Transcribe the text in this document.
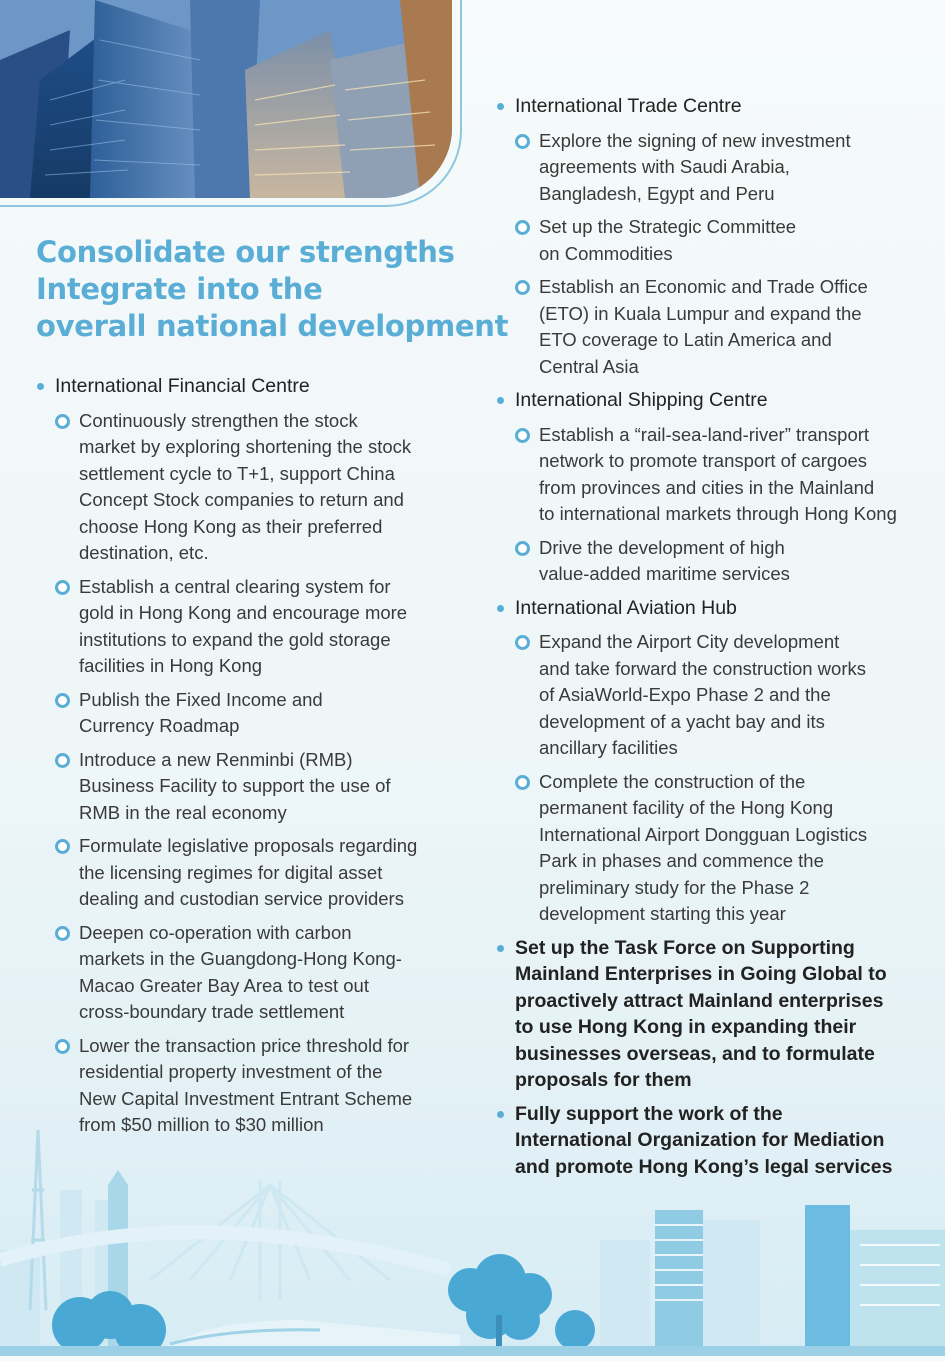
Consolidate our strengths
Integrate into the
overall national development
International Financial Centre
Continuously strengthen the stock
market by exploring shortening the stock
settlement cycle to T+1, support China
Concept Stock companies to return and
choose Hong Kong as their preferred
destination, etc.
Establish a central clearing system for
gold in Hong Kong and encourage more
institutions to expand the gold storage
facilities in Hong Kong
Publish the Fixed Income and
Currency Roadmap
Introduce a new Renminbi (RMB)
Business Facility to support the use of
RMB in the real economy
Formulate legislative proposals regarding
the licensing regimes for digital asset
dealing and custodian service providers
Deepen co-operation with carbon
markets in the Guangdong-Hong Kong-
Macao Greater Bay Area to test out
cross-boundary trade settlement
Lower the transaction price threshold for
residential property investment of the
New Capital Investment Entrant Scheme
from $50 million to $30 million
International Trade Centre
Explore the signing of new investment
agreements with Saudi Arabia,
Bangladesh, Egypt and Peru
Set up the Strategic Committee
on Commodities
Establish an Economic and Trade Office
(ETO) in Kuala Lumpur and expand the
ETO coverage to Latin America and
Central Asia
International Shipping Centre
Establish a “rail-sea-land-river” transport
network to promote transport of cargoes
from provinces and cities in the Mainland
to international markets through Hong Kong
Drive the development of high
value-added maritime services
International Aviation Hub
Expand the Airport City development
and take forward the construction works
of AsiaWorld-Expo Phase 2 and the
development of a yacht bay and its
ancillary facilities
Complete the construction of the
permanent facility of the Hong Kong
International Airport Dongguan Logistics
Park in phases and commence the
preliminary study for the Phase 2
development starting this year
Set up the Task Force on Supporting
Mainland Enterprises in Going Global to
proactively attract Mainland enterprises
to use Hong Kong in expanding their
businesses overseas, and to formulate
proposals for them
Fully support the work of the
International Organization for Mediation
and promote Hong Kong’s legal services
